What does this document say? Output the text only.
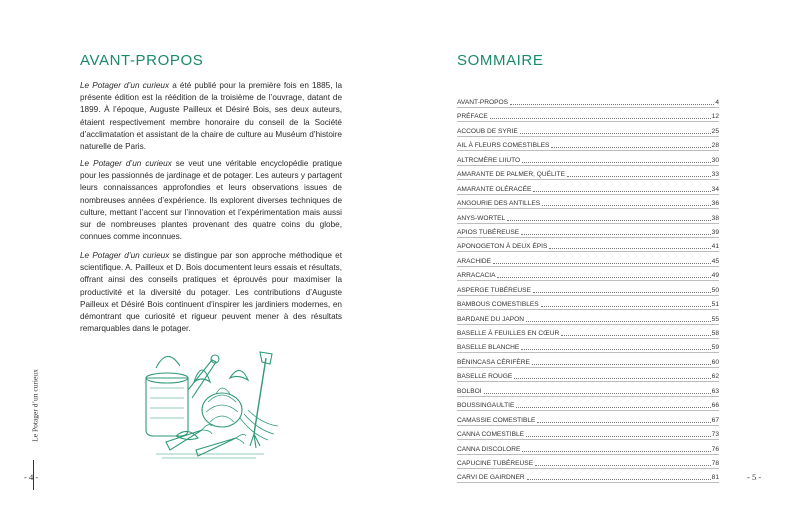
AVANT-PROPOS

Le Potager d’un curieux a été publié pour la première fois en 1885, la présente édition est la réédition de la troisième de l’ouvrage, datant de 1899. À l’époque, Auguste Pailleux et Désiré Bois, ses deux auteurs, étaient respectivement membre honoraire du conseil de la Société d’acclimatation et assistant de la chaire de culture au Muséum d’histoire naturelle de Paris.

Le Potager d’un curieux se veut une véritable encyclopédie pratique pour les passionnés de jardinage et de potager. Les auteurs y partagent leurs connaissances approfondies et leurs observations issues de nombreuses années d’expérience. Ils explorent diverses techniques de culture, mettant l’accent sur l’innovation et l’expérimentation mais aussi sur de nombreuses plantes provenant des quatre coins du globe, connues comme inconnues.

Le Potager d’un curieux se distingue par son approche méthodique et scientifique. A. Pailleux et D. Bois documentent leurs essais et résultats, offrant ainsi des conseils pratiques et éprouvés pour maximiser la productivité et la diversité du potager. Les contributions d’Auguste Pailleux et Désiré Bois continuent d’inspirer les jardiniers modernes, en démontrant que curiosité et rigueur peuvent mener à des résultats remarquables dans le potager.

Le Potager d’un curieux
- 4 -
SOMMAIRE
AVANT-PROPOS	4
PRÉFACE	12
ACCOUB DE SYRIE	25
AIL À FLEURS COMESTIBLES	28
ALTRCMÈRE LIIUTO	30
AMARANTE DE PALMER, QUÉLITE	33
AMARANTE OLÉRACÉE	34
ANGOURIE DES ANTILLES	36
ANYS-WORTEL	38
APIOS TUBÉREUSE	39
APONOGETON À DEUX ÉPIS	41
ARACHIDE	45
ARRACACIA	49
ASPERGE TUBÉREUSE	50
BAMBOUS COMESTIBLES	51
BARDANE DU JAPON	55
BASELLE À FEUILLES EN CŒUR	58
BASELLE BLANCHE	59
BÉNINCASA CÉRIFÈRE	60
BASELLE ROUGE	62
BOLBOI	63
BOUSSINGAULTIE	66
CAMASSIE COMESTIBLE	67
CANNA COMESTIBLE	73
CANNA DISCOLORE	76
CAPUCINE TUBÉREUSE	78
CARVI DE GAIRDNER	81	- 5 -
